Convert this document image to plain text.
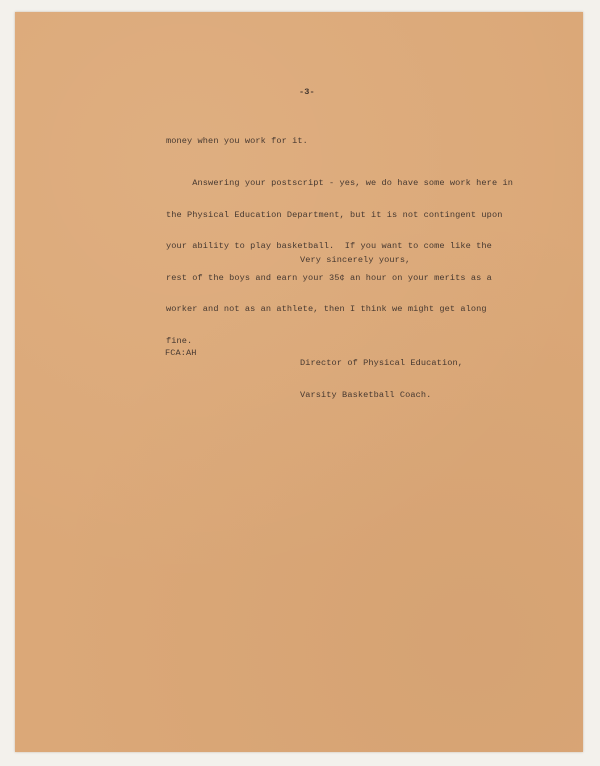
-3-
money when you work for it.

Answering your postscript - yes, we do have some work here in

the Physical Education Department, but it is not contingent upon

your ability to play basketball.  If you want to come like the

rest of the boys and earn your 35¢ an hour on your merits as a

worker and not as an athlete, then I think we might get along

fine.

Very sincerely yours,

Director of Physical Education,

Varsity Basketball Coach.

FCA:AH
